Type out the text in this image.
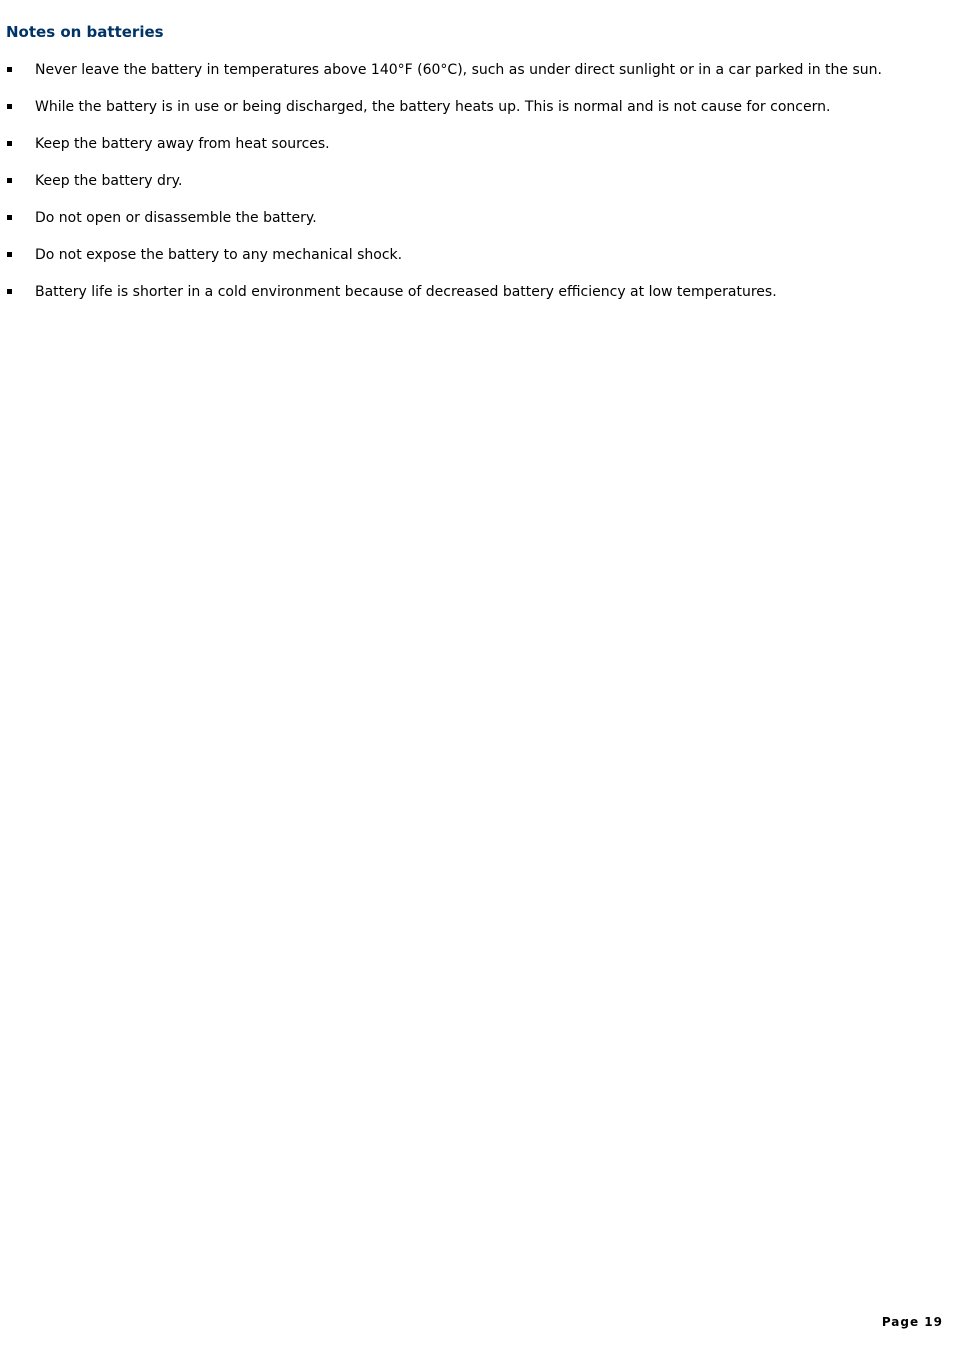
Notes on batteries
Never leave the battery in temperatures above 140°F (60°C), such as under direct sunlight or in a car parked in the sun.
While the battery is in use or being discharged, the battery heats up. This is normal and is not cause for concern.
Keep the battery away from heat sources.
Keep the battery dry.
Do not open or disassemble the battery.
Do not expose the battery to any mechanical shock.
Battery life is shorter in a cold environment because of decreased battery efficiency at low temperatures.
Page 19
